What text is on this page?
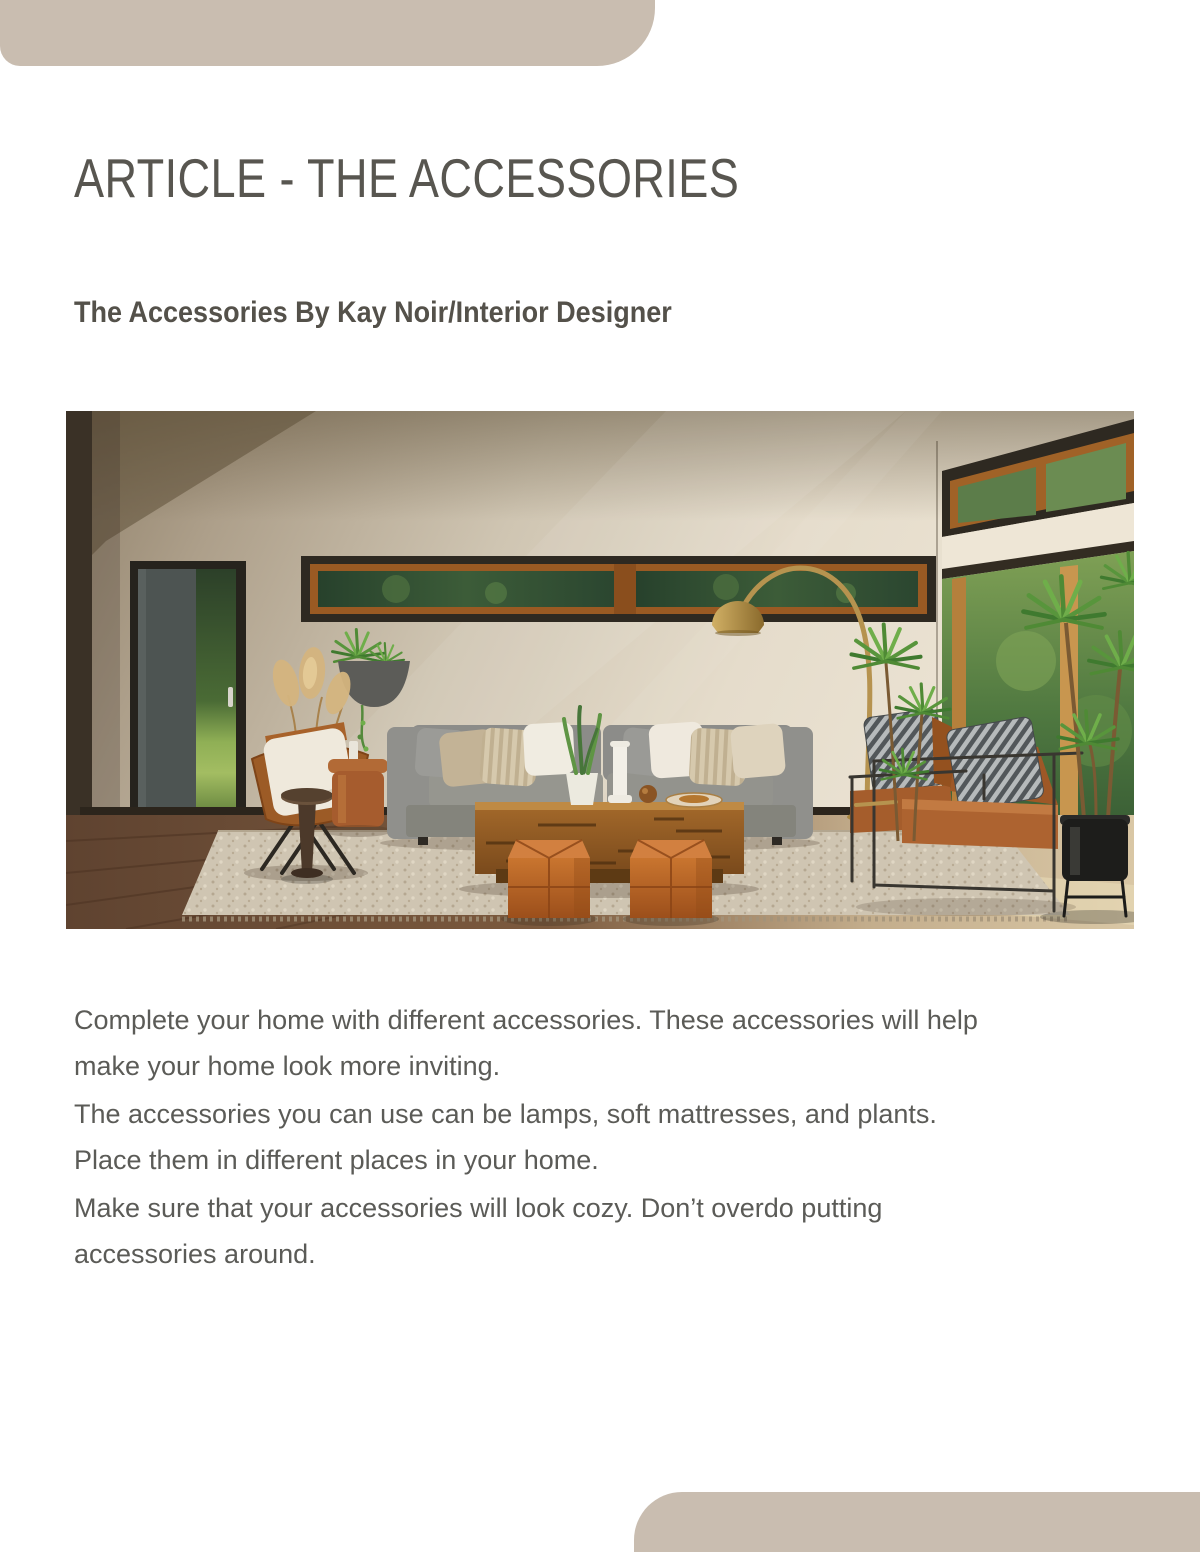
ARTICLE - THE ACCESSORIES
The Accessories By Kay Noir/Interior Designer

Complete your home with different accessories. These accessories will help
make your home look more inviting.

The accessories you can use can be lamps, soft mattresses, and plants.
Place them in different places in your home.

Make sure that your accessories will look cozy. Don’t overdo putting
accessories around.
